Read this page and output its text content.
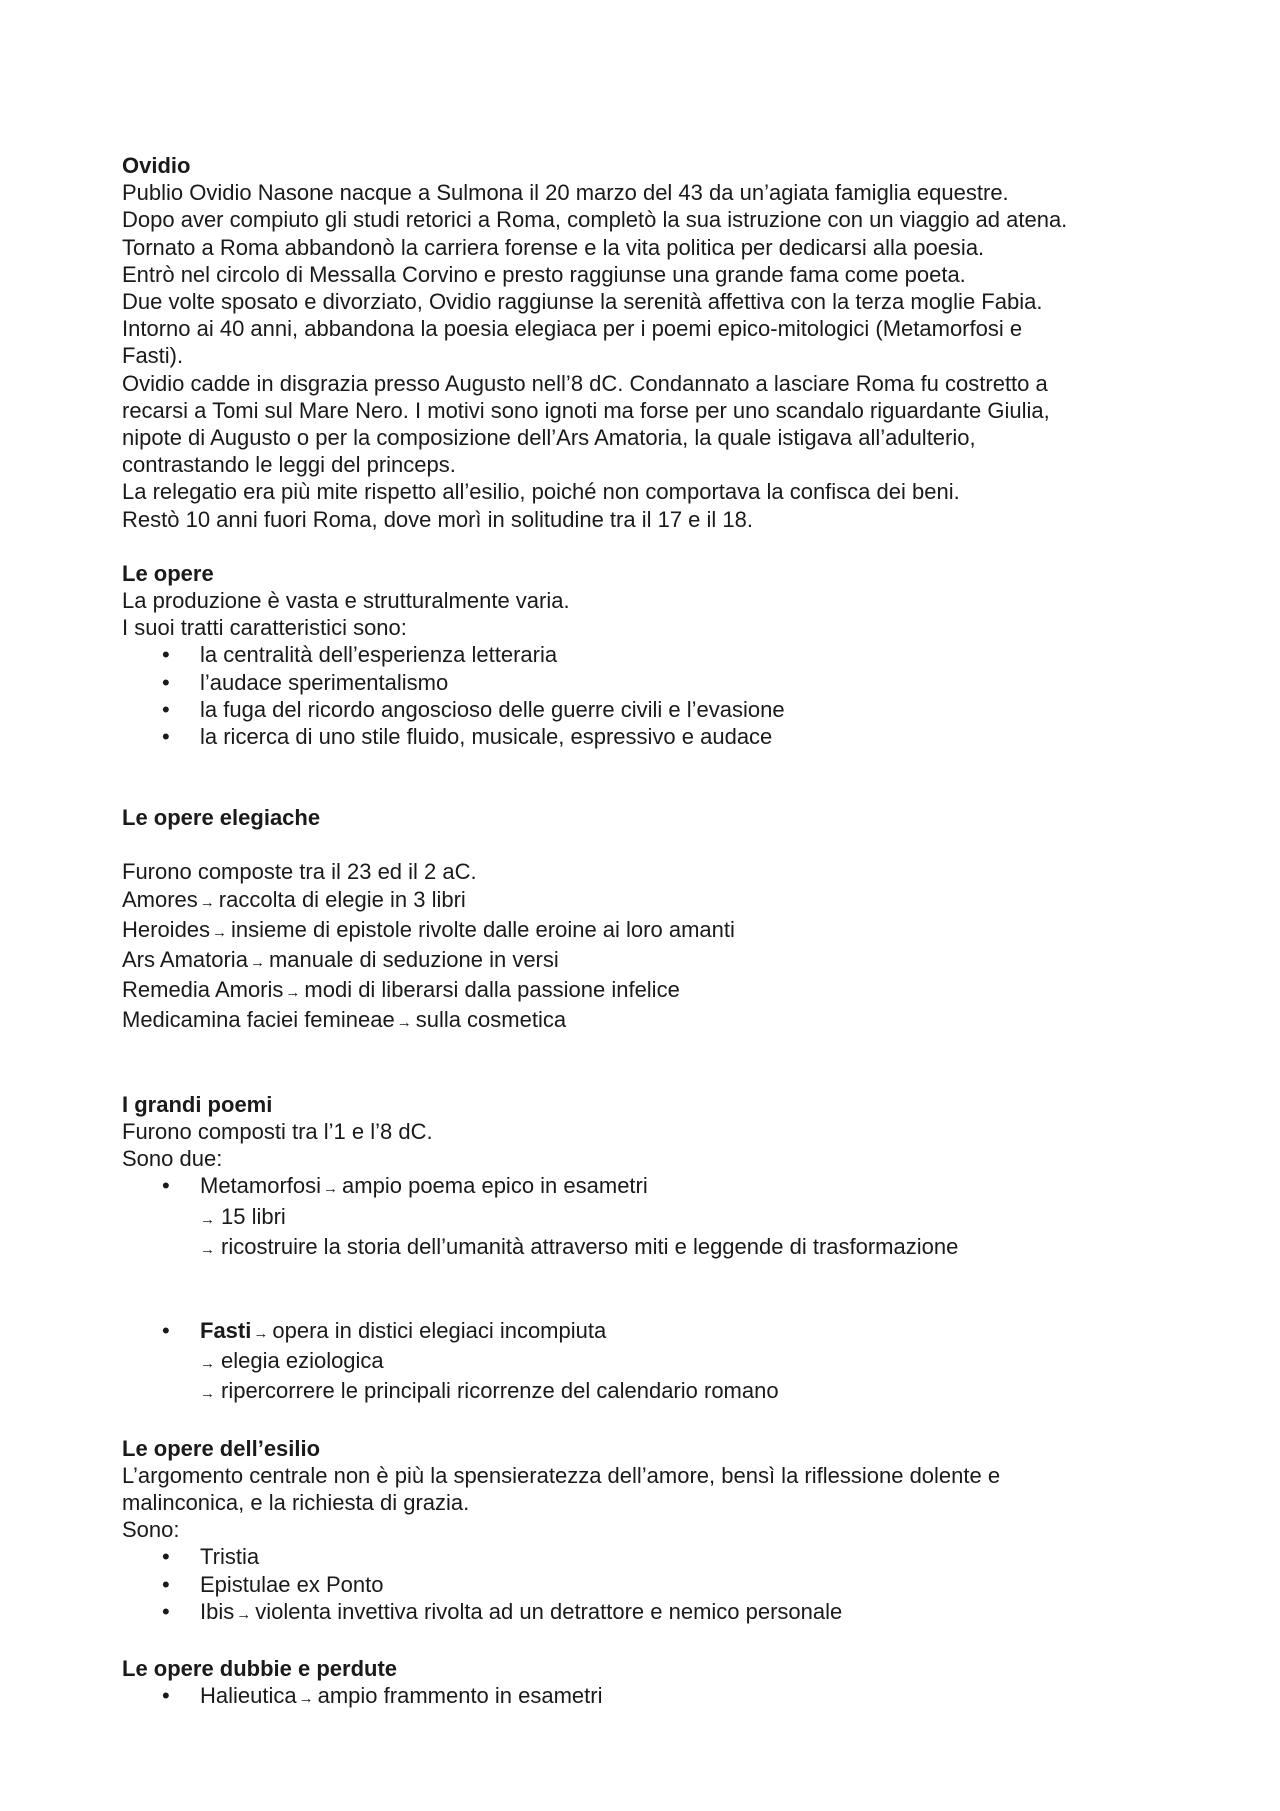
Ovidio

Publio Ovidio Nasone nacque a Sulmona il 20 marzo del 43 da un’agiata famiglia equestre.

Dopo aver compiuto gli studi retorici a Roma, completò la sua istruzione con un viaggio ad atena.

Tornato a Roma abbandonò la carriera forense e la vita politica per dedicarsi alla poesia.

Entrò nel circolo di Messalla Corvino e presto raggiunse una grande fama come poeta.

Due volte sposato e divorziato, Ovidio raggiunse la serenità affettiva con la terza moglie Fabia.

Intorno ai 40 anni, abbandona la poesia elegiaca per i poemi epico-mitologici (Metamorfosi e

Fasti).

Ovidio cadde in disgrazia presso Augusto nell’8 dC. Condannato a lasciare Roma fu costretto a

recarsi a Tomi sul Mare Nero. I motivi sono ignoti ma forse per uno scandalo riguardante Giulia,

nipote di Augusto o per la composizione dell’Ars Amatoria, la quale istigava all’adulterio,

contrastando le leggi del princeps.

La relegatio era più mite rispetto all’esilio, poiché non comportava la confisca dei beni.

Restò 10 anni fuori Roma, dove morì in solitudine tra il 17 e il 18.

Le opere

La produzione è vasta e strutturalmente varia.

I suoi tratti caratteristici sono:

• la centralità dell’esperienza letteraria
• l’audace sperimentalismo
• la fuga del ricordo angoscioso delle guerre civili e l’evasione
• la ricerca di uno stile fluido, musicale, espressivo e audace

Le opere elegiache

Furono composte tra il 23 ed il 2 aC.

Amores → raccolta di elegie in 3 libri

Heroides → insieme di epistole rivolte dalle eroine ai loro amanti

Ars Amatoria → manuale di seduzione in versi

Remedia Amoris → modi di liberarsi dalla passione infelice

Medicamina faciei femineae → sulla cosmetica

I grandi poemi

Furono composti tra l’1 e l’8 dC.

Sono due:

• Metamorfosi → ampio poema epico in esametri

→ 15 libri

→ ricostruire la storia dell’umanità attraverso miti e leggende di trasformazione

• Fasti → opera in distici elegiaci incompiuta

→ elegia eziologica

→ ripercorrere le principali ricorrenze del calendario romano

Le opere dell’esilio

L’argomento centrale non è più la spensieratezza dell’amore, bensì la riflessione dolente e

malinconica, e la richiesta di grazia.

Sono:

• Tristia
• Epistulae ex Ponto
• Ibis → violenta invettiva rivolta ad un detrattore e nemico personale

Le opere dubbie e perdute

• Halieutica → ampio frammento in esametri
